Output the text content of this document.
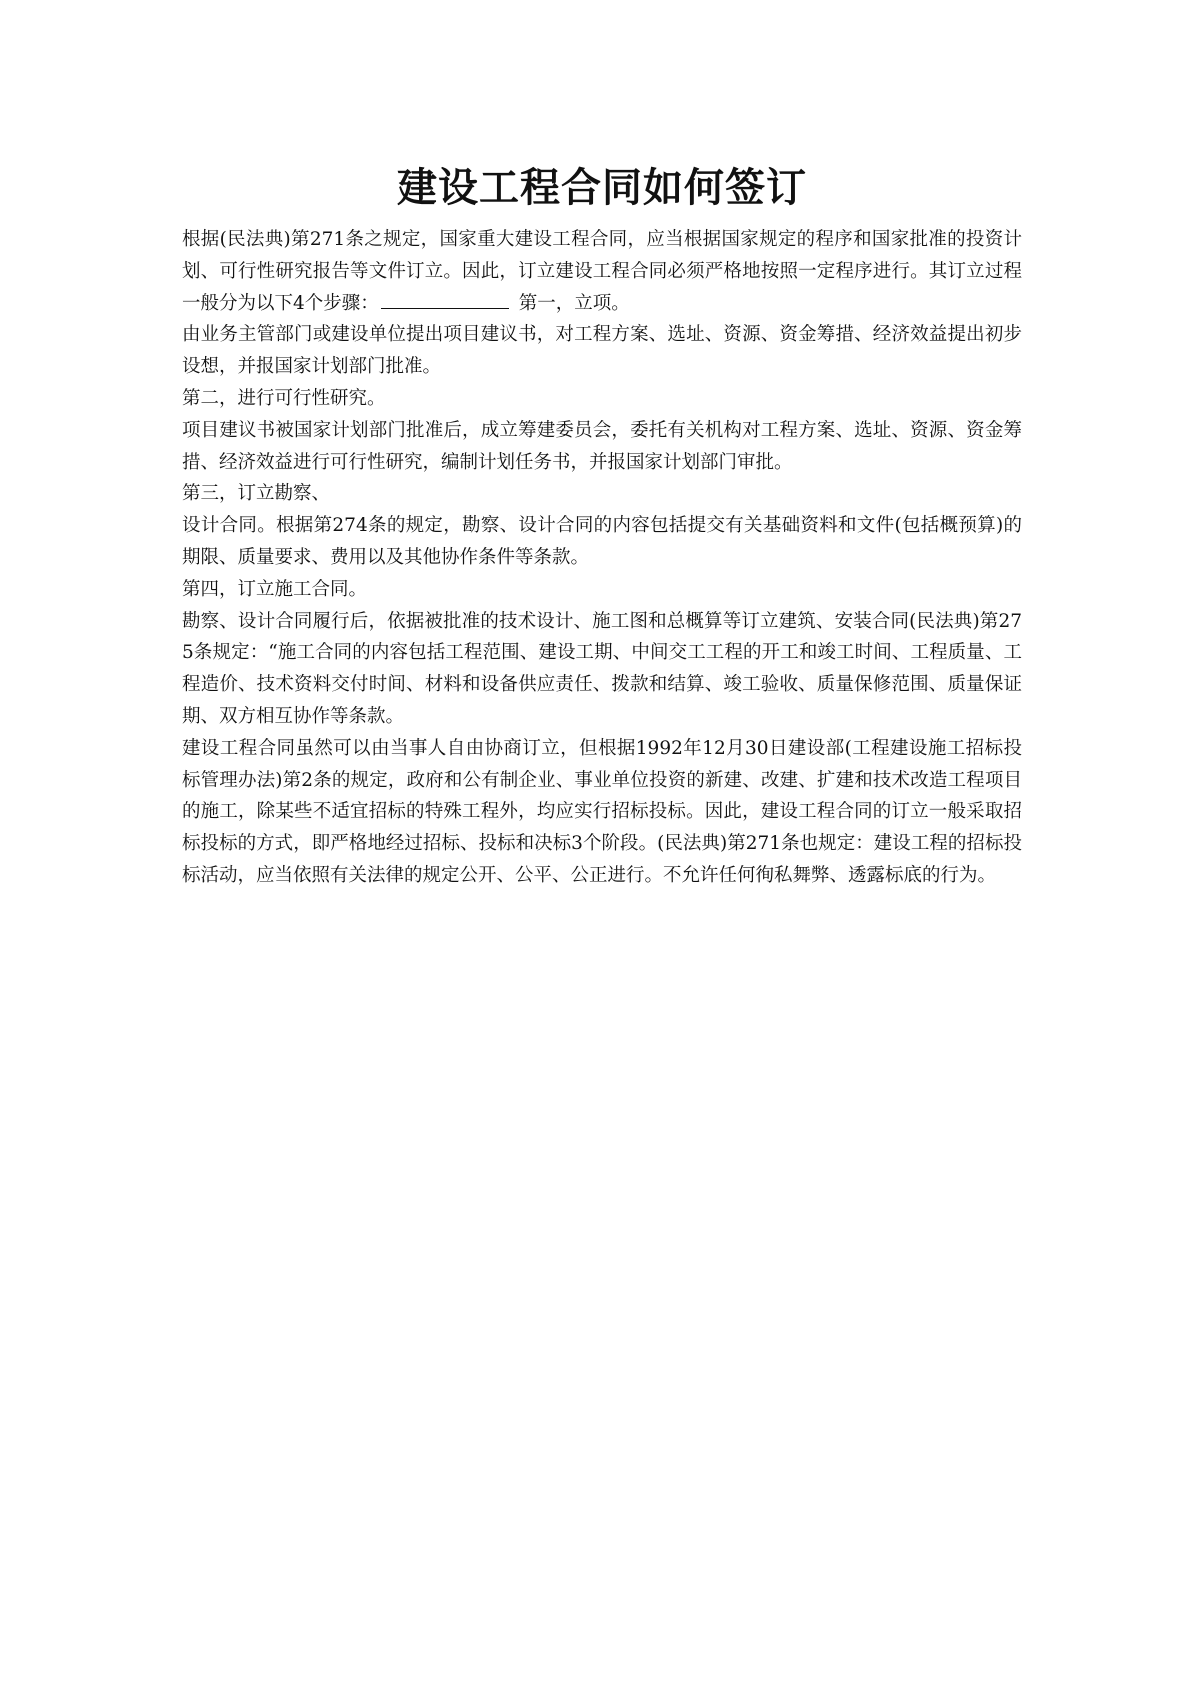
建设工程合同如何签订

根据(民法典)第271条之规定，国家重大建设工程合同，应当根据国家规定的程序和国家批准的投资计划、可行性研究报告等文件订立。因此，订立建设工程合同必须严格地按照一定程序进行。其订立过程一般分为以下4个步骤：	第一，立项。

由业务主管部门或建设单位提出项目建议书，对工程方案、选址、资源、资金筹措、经济效益提出初步设想，并报国家计划部门批准。

第二，进行可行性研究。

项目建议书被国家计划部门批准后，成立筹建委员会，委托有关机构对工程方案、选址、资源、资金筹措、经济效益进行可行性研究，编制计划任务书，并报国家计划部门审批。

第三，订立勘察、

设计合同。根据第274条的规定，勘察、设计合同的内容包括提交有关基础资料和文件(包括概预算)的期限、质量要求、费用以及其他协作条件等条款。

第四，订立施工合同。

勘察、设计合同履行后，依据被批准的技术设计、施工图和总概算等订立建筑、安装合同(民法典)第275条规定：“施工合同的内容包括工程范围、建设工期、中间交工工程的开工和竣工时间、工程质量、工程造价、技术资料交付时间、材料和设备供应责任、拨款和结算、竣工验收、质量保修范围、质量保证期、双方相互协作等条款。

建设工程合同虽然可以由当事人自由协商订立，但根据1992年12月30日建设部(工程建设施工招标投标管理办法)第2条的规定，政府和公有制企业、事业单位投资的新建、改建、扩建和技术改造工程项目的施工，除某些不适宜招标的特殊工程外，均应实行招标投标。因此，建设工程合同的订立一般采取招标投标的方式，即严格地经过招标、投标和决标3个阶段。(民法典)第271条也规定：建设工程的招标投标活动，应当依照有关法律的规定公开、公平、公正进行。不允许任何徇私舞弊、透露标底的行为。
